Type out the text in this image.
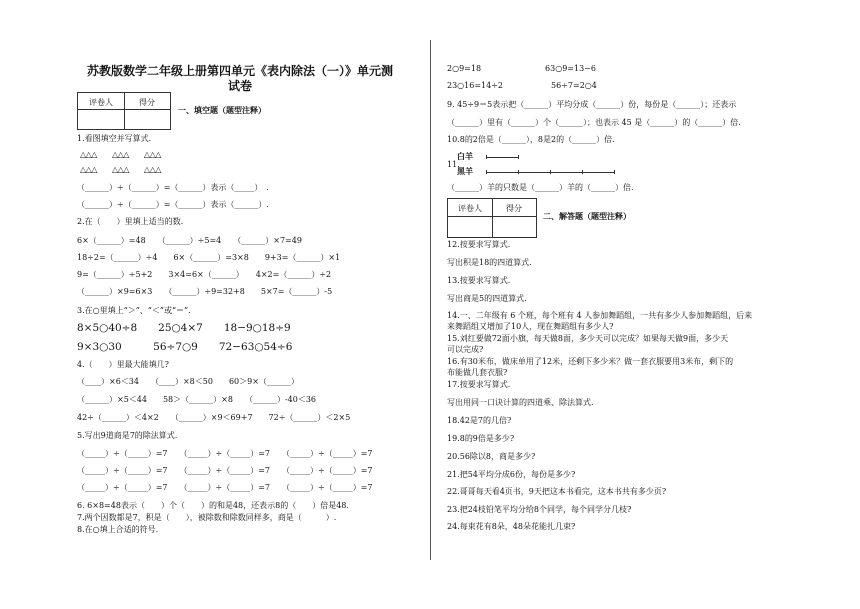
苏教版数学二年级上册第四单元《表内除法（一）》单元测
试卷
评卷人	得分
一、填空题（题型注释）
1.看图填空并写算式.
△△△　　△△△　　△△△
△△△　　△△△　　△△△
（______）÷（______）=（______）表示（_____）　.
（______）÷（______）=（______）表示（______）.
2.在（　　）里填上适当的数.
6×（______）=48　　（______）÷5=4　　（______）×7=49
18÷2=（______）÷4　　6×（______）=3×8　　9+3=（______）×1
9=（______）÷5+2　　3×4=6×（______）　　4×2=（______）÷2
（______）×9=6×3　　（______）÷9=32+8　　5×7=（______）-5
3.在○里填上“＞”、“＜”或“＝”.
8×5○40÷8　　25○4×7　　18−9○18÷9
9×3○30　　　56÷7○9　　72−63○54÷6
4.（　　）里最大能填几?
（____）×6＜34　　（____）×8＜50　　60＞9×（______）
（______）×5＜44　　58＞（______）×8　　（______）-40＜36
42÷（______）＜4×2　　（______）×9＜69+7　　72÷（______）＜2×5
5.写出9道商是7的除法算式.
（_____）÷（_____）=7　　（_____）÷（_____）=7　　（_____）÷（_____）=7
（_____）÷（_____）=7　　（_____）÷（_____）=7　　（_____）÷（_____）=7
（_____）÷（_____）=7　　（_____）÷（_____）=7　　（_____）÷（_____）=7
6. 6×8=48表示（　　）个（　　）的和是48，还表示8的（　　）倍是48.
7.两个因数都是7，积是（　　），被除数和除数同样多，商是（　　　）.
8.在○填上合适的符号.
2○9=18　　　　　　　　63○9=13−6
23○16=14÷2　　　　　　56÷7=2○4
9. 45÷9＝5表示把（______）平均分成（______）份，每份是（______）；还表示
（______）里有（______）个（______）；也表示 45 是（______）的（______）倍.
10.8的2倍是（______），8是2的（______）倍.
11.
白羊
黑羊
（______）羊的只数是（______）羊的（______）倍.
评卷人	得分
二、解答题（题型注释）
12.按要求写算式.
写出积是18的四道算式.
13.按要求写算式.
写出商是5的四道算式.
14.一、二年级有 6 个班，每个班有 4 人参加舞蹈组，一共有多少人参加舞蹈组，后来
来舞蹈组又增加了10人，现在舞蹈组有多少人?
15.刘红要做72面小旗，每天做8面，多少天可以完成？如果每天做9面，多少天
可以完成?
16.有30米布，做床单用了12米，还剩下多少米？做一套衣服要用3米布，剩下的
布能做几套衣服?
17.按要求写算式.
写出用同一口诀计算的四道乘、除法算式.
18.42是7的几倍?
19.8的9倍是多少?
20.56除以8，商是多少?
21.把54平均分成6份，每份是多少?
22.哥哥每天看4页书，9天把这本书看完，这本书共有多少页?
23.把24枝铅笔平均分给8个同学，每个同学分几枝?
24.每束花有8朵，48朵花能扎几束?
